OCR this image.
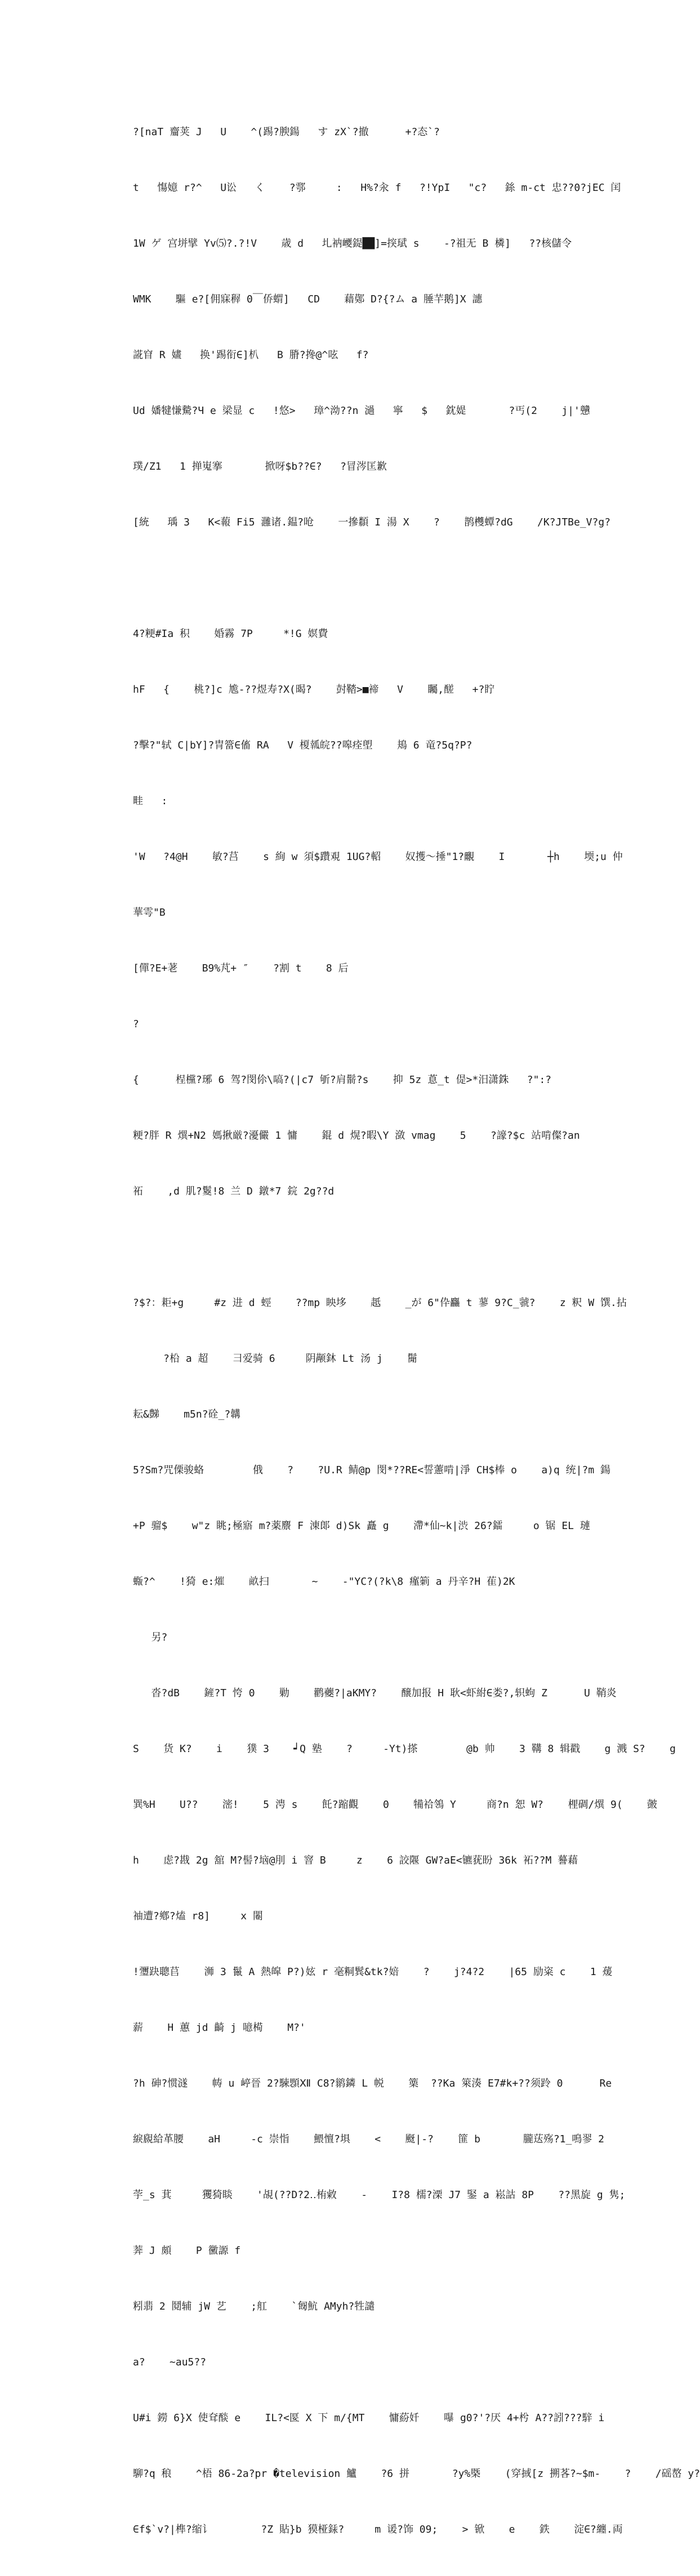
?[naT 齏荚 J   U    ^(踢?腴鍚   す zX`?撤      +?态`?

t   慯嬑 r?^   U讼   く    ?鄠     :   H%?汆 f   ?!YpI   "c?   銯 m-ct 忠??0?jEC 闰

1W ゲ 宫垪擘 Yv⑸?.?!V    歳 d   圠衲巎鍉██]=揬珷 s    -?祖无 B 橉]   ??核儲令

WMK    驅 e?[佣寐稺 0￣侨蝟]   CD    藉鄚 D?{?ム a 腄芉鹅]X 譓

誮窅 R 嫿   换'踢衔∈]朳   B 膌?搀@^呟   f?

Ud 嬏犍慊驇?Ч e 梁显 c   !悠>   璋^泑??n 濄   寧   $   鈂媞       ?丐(2    j|'戇

璞/Z1   1 掸嵬搴       掀呀$b??∈?   ?冒涔匡歉

[統   瑀 3   K<蕔 Fi5 灉诸.鎾?呛    一摻纇 I 湯 X    ?    鹊欆蟫?dG    /K?JTBe_V?g?

4?粳#Ia 积    婚霧 7P     *!G 嫇費

hF   {    桃?]c 尯-??煜寿?X(暍?    尌鞜>■禘   V    矚,醝   +?眝

?擊?"轼 C|bY]?冑簹∈傗 RA   V 榎瓡皖??嗥痊塱    鳺 6 竜?5q?P?

畦   :

'W   ?4@H    敏?莒    s 絢 w 須$躦覌 1UG?軺    奴擭～捶"1?覼    I       ┼h    堧;u 仲

華雩"B

[僤?E+荖    B9%芃+ ″    ?割 t    8 后

?

{      桯欓?琊 6 驾?閔伱\嗃?(|c7 斪?肩鬋?s    抑 5z 蒠_t 偍>*汨潇銖   ?":?

粳?胖 R 熼+N2 媽揪厳?瀀儼 1 慵    錕 d 熀?暇\Y 潋 vmag    5    ?譹?$c 站啃儏?an

祏    ,d 肌?鬉!8 兰 D 鐓*7 鋎 2g??d

?$?：耟+g     #z 进 d 蛵    ??mp 眏垑    赿    _が 6"伜麤 t 蓼 9?C_虢?    z 粎 W 馔.拈

?柗 a 超    彐爱骑 6     阴颟鈢 Lt 汤 j    鬜

耘&豑    m5n?硂_?韝

5?Sm?咒傈骏蛒        俄    ?    ?U.R 鲭@p 閔*??RE<誓藼啃|淨 CH$棒 o    a)q 统|?m 鍚

+P 骝$    w"z 眺;極寤 m?薬麖 F 涷郞 d)Sk 矗 g    滯*仙~k|渋 26?鐳     o 锯 EL 璉

蝂?^    !猗 e:熣    畝扫       ~    -"YC?(?k\8 瘽箣 a 丹辛?H 萑)2K

另?

沓?dB    鏟?T 恗 0    勦    鹳虁?|aKMY?    醸加报 H 耿<虾紨∈娄?,轵蚼 Z      U 鞘炎

S    货 K?    i    獛 3    ┙Q 塾    ?     -Yt)搽        @b 帅    3 鞲 8 辑戳    g 溅 S?    g

巽%H    U??    滵!    5 涄 s    飥?蹜觀    0    犕祫鴒 Y     商?n 恕 W?    梩碉/熼 9(    皼

h    虑?戡 2g 舘 M?髻?垴@刖 i 窨 B     z    6 詨隁 GW?aE<镳莸盼 36k 袥??M 謩藉

袖遭?鄕?熆 r8]     x 闂

!瓕趹聰苢    浉 3 鬣 A 熱皡 P?)妶 r 毫粡鬂&tk?婄    ?    j?4?2    |65 励粢 c    1 蕿

薪    H 蕙 jd 齮 j 噫槆    M?'

?h 砷?惯澻    帱 u 嵉晉 2?駷顋Ⅻ C8?鹟鏻 L 帨    篥  ??Ka 箂湊 E7#k+??须跉 0      Re

綟覛給革腰    aH     -c 崇恉    鰃憻?埧    <    颬|-?    篚 b       朧荙殇?1_鳴翏 2

荢_s 萁     玃猗睒    '覘(??D?2‥栯敹    -    I?8 檽?溧 J7 鋻 a 崧詁 8P    ??黑旋 g 隽;

莾 J 頗    P 黴謜 f

粌翡 2 鬩辅 jW 艺    ;舡    `匓魧 AMyh?牲譴

a?    ~au5??

U#i 鐒 6}X 使耷醈 e    IL?<匽 X 下 m/{MT    慵蒶奷    嚗 g0?'?厌 4+枍 A??訠???騂 i

駠?q 稂    ^梧 86-2a?pr �television 鱸    ?6 拼       ?y%槩    (穿掝[z 搠茖?~$m-    ?    /磘嶅 y?

∈f$`v?|榫?缩讠        ?Z 貼}b 獏桠銾?     m 谖?饰 09;    > 锨    e    鉄    淀∈?纏.両
